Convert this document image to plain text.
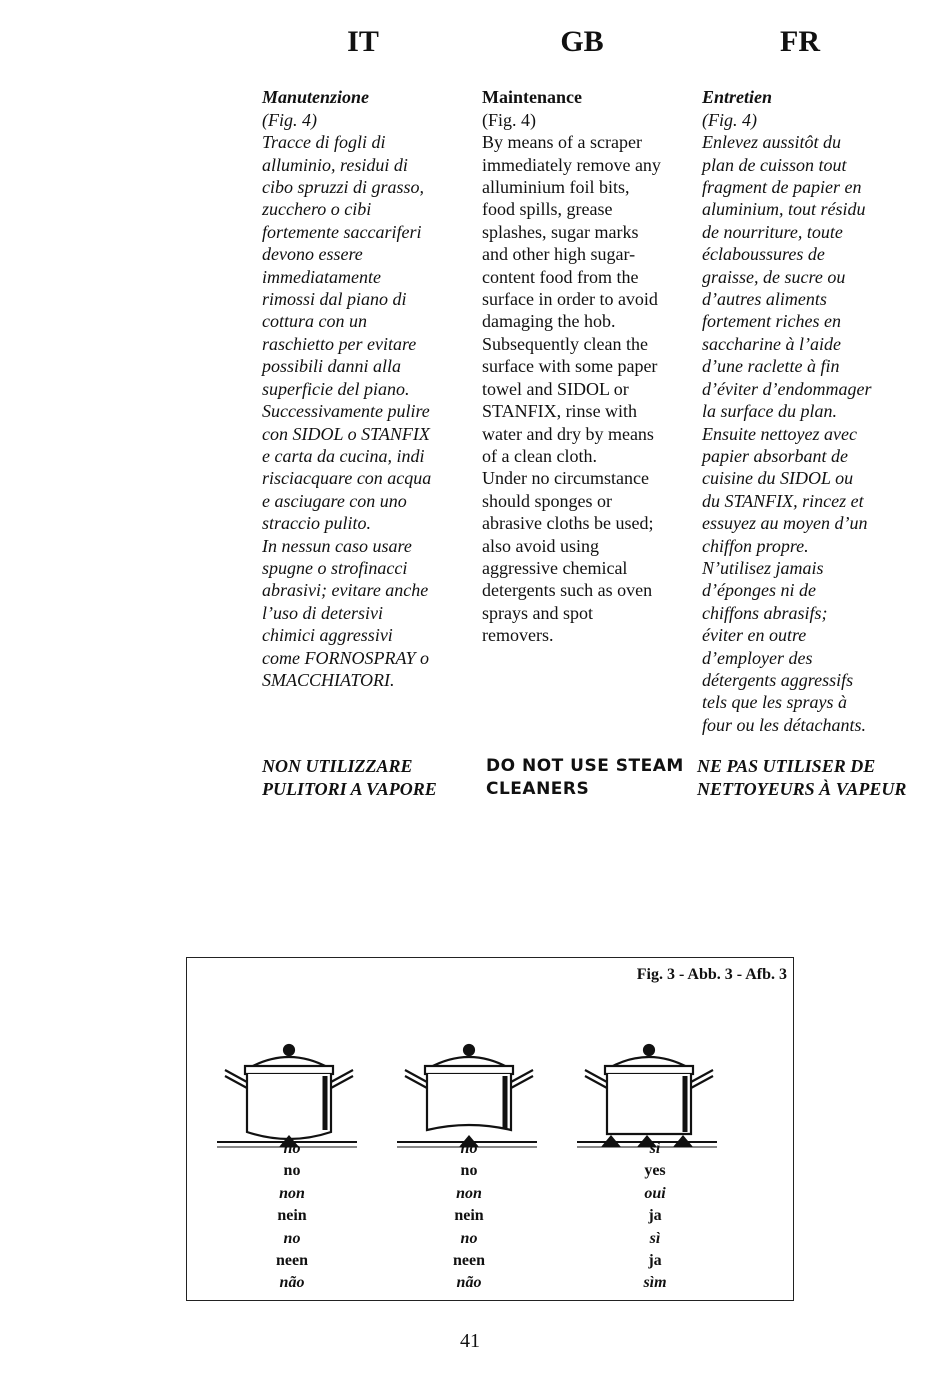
IT	GB	FR

Manutenzione
(Fig. 4)
Tracce di fogli di
alluminio, residui di
cibo spruzzi di grasso,
zucchero o cibi
fortemente saccariferi
devono essere
immediatamente
rimossi dal piano di
cottura con un
raschietto per evitare
possibili danni alla
superficie del piano.
Successivamente pulire
con SIDOL o STANFIX
e carta da cucina, indi
risciacquare con acqua
e asciugare con uno
straccio pulito.
In nessun caso usare
spugne o strofinacci
abrasivi; evitare anche
l’uso di detersivi
chimici aggressivi
come FORNOSPRAY o
SMACCHIATORI.

Maintenance
(Fig. 4)
By means of a scraper
immediately remove any
alluminium foil bits,
food spills, grease
splashes, sugar marks
and other high sugar-
content food from the
surface in order to avoid
damaging the hob.
Subsequently clean the
surface with some paper
towel and SIDOL or
STANFIX, rinse with
water and dry by means
of a clean cloth.
Under no circumstance
should sponges or
abrasive cloths be used;
also avoid using
aggressive chemical
detergents such as oven
sprays and spot
removers.

Entretien
(Fig. 4)
Enlevez aussitôt du
plan de cuisson tout
fragment de papier en
aluminium, tout résidu
de nourriture, toute
éclaboussures de
graisse, de sucre ou
d’autres aliments
fortement riches en
saccharine à l’aide
d’une raclette à fin
d’éviter d’endommager
la surface du plan.
Ensuite nettoyez avec
papier absorbant de
cuisine du SIDOL ou
du STANFIX, rincez et
essuyez au moyen d’un
chiffon propre.
N’utilisez jamais
d’éponges ni de
chiffons abrasifs;
éviter en outre
d’employer des
détergents aggressifs
tels que les sprays à
four ou les détachants.

NON UTILIZZARE
PULITORI A VAPORE
DO NOT USE STEAM
CLEANERS
NE PAS UTILISER DE
NETTOYEURS À VAPEUR
Fig. 3 - Abb. 3 - Afb. 3
no
no
non
nein
no
neen
não
no
no
non
nein
no
neen
não
sì
yes
oui
ja
sì
ja
sìm
41
